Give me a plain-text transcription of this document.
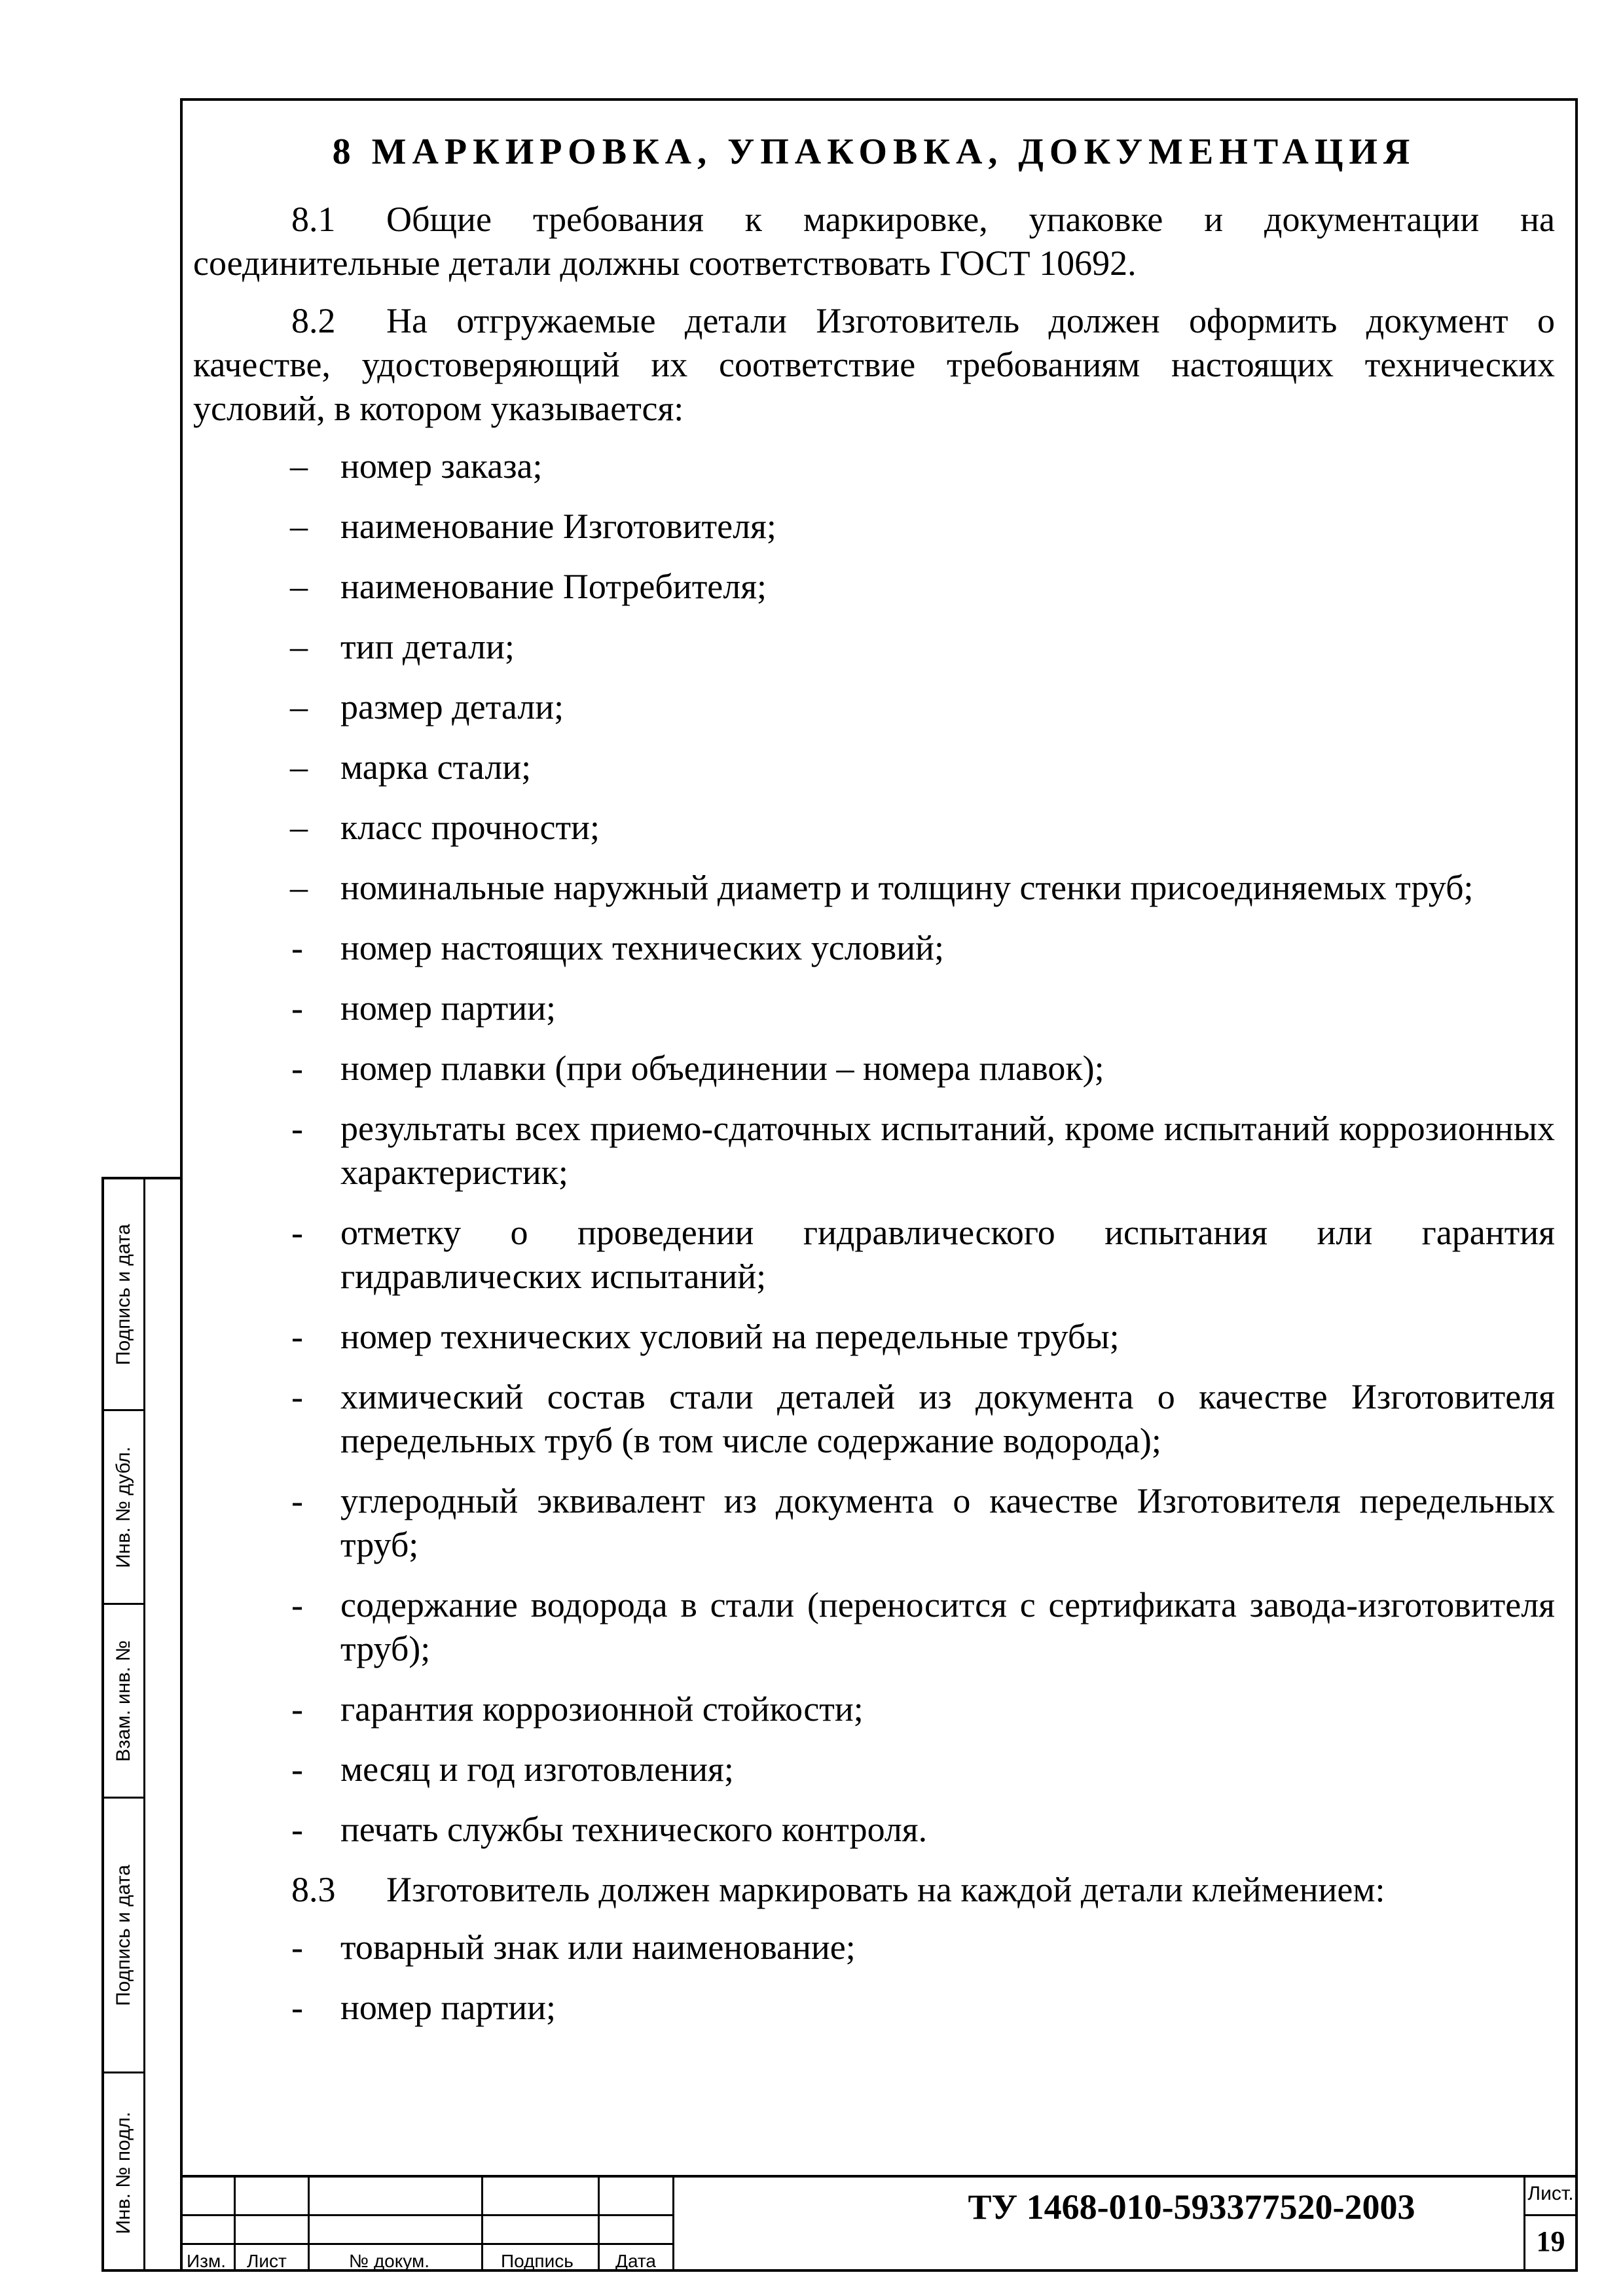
8 МАРКИРОВКА, УПАКОВКА, ДОКУМЕНТАЦИЯ

8.1 Общие требования к маркировке, упаковке и документации на соединительные детали должны соответствовать ГОСТ 10692.

8.2 На отгружаемые детали Изготовитель должен оформить документ о качестве, удостоверяющий их соответствие требованиям настоящих технических условий, в котором указывается:

– номер заказа;
– наименование Изготовителя;
– наименование Потребителя;
– тип детали;
– размер детали;
– марка стали;
– класс прочности;
– номинальные наружный диаметр и толщину стенки присоединяемых труб;
- номер настоящих технических условий;
- номер партии;
- номер плавки (при объединении – номера плавок);
- результаты всех приемо-сдаточных испытаний, кроме испытаний коррозионных характеристик;
- отметку о проведении гидравлического испытания или гарантия гидравлических испытаний;
- номер технических условий на передельные трубы;
- химический состав стали деталей из документа о качестве Изготовителя передельных труб (в том числе содержание водорода);
- углеродный эквивалент из документа о качестве Изготовителя передельных труб;
- содержание водорода в стали (переносится с сертификата завода-изготовителя труб);
- гарантия коррозионной стойкости;
- месяц и год изготовления;
- печать службы технического контроля.

8.3 Изготовитель должен маркировать на каждой детали клеймением:

- товарный знак или наименование;
- номер партии;
Подпись и дата
Инв. № дубл.
Взам. инв. №
Подпись и дата
Инв. № подл.
Изм. Лист	№ докум.	Подпись Дата
ТУ 1468-010-593377520-2003	Лист.
19
